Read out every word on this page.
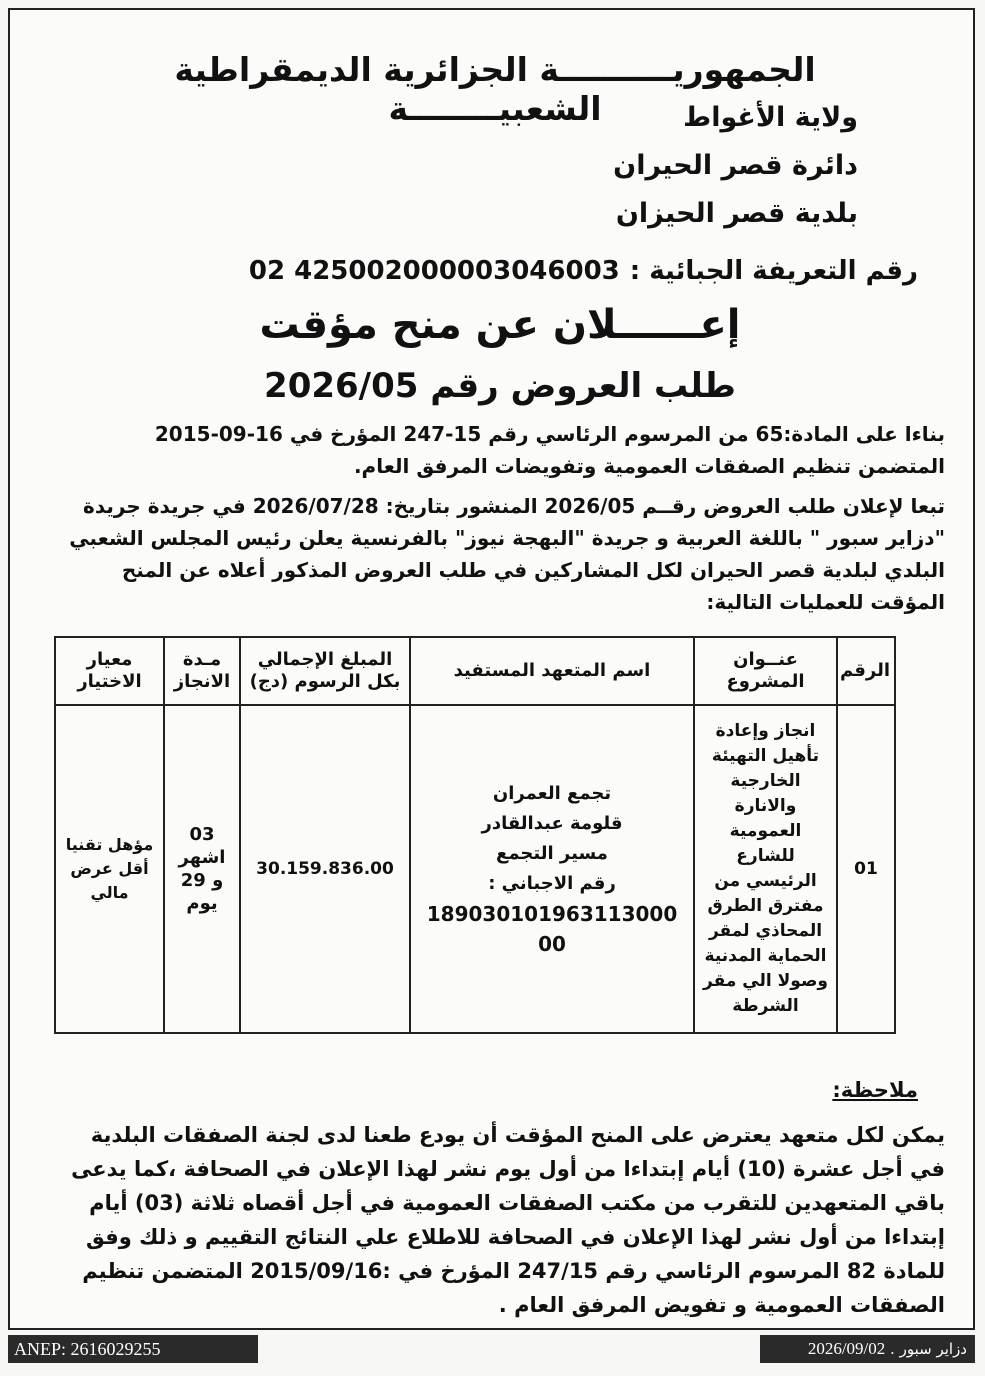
الجمهوريــــــــــة الجزائرية الديمقراطية الشعبيــــــــة	ولاية الأغواط
دائرة قصر الحيران
بلدية قصر الحيزان
رقم التعريفة الجبائية :425002000003046003 02
إعــــــلان عن منح مؤقت
طلب العروض رقم 2026/05
بناءا على المادة:65 من المرسوم الرئاسي رقم 15-247 المؤرخ في 16-09-2015 المتضمن تنظيم الصفقات العمومية وتفويضات المرفق العام.
تبعا لإعلان طلب العروض رقــم 2026/05 المنشور بتاريخ: 2026/07/28 في جريدة جريدة "دزاير سبور " باللغة العربية و جريدة "البهجة نيوز" بالفرنسية يعلن رئيس المجلس الشعبي البلدي لبلدية قصر الحيران لكل المشاركين في طلب العروض المذكور أعلاه عن المنح المؤقت للعمليات التالية:
الرقم	عنــوان المشروع	اسم المتعهد المستفيد	المبلغ الإجمالي بكل الرسوم (دج)	مـدة الانجاز	معيار الاختيار
01	انجاز وإعادة تأهيل التهيئة الخارجية والانارة العمومية للشارع الرئيسي من مفترق الطرق المحاذي لمقر الحماية المدنية وصولا الي مقر الشرطة	تجمع العمران
قلومة عبدالقادر
مسير التجمع
رقم الاجباني :
189030101963113000 00	30.159.836.00	03
اشهر
و 29
يوم	مؤهل تقنيا
أقل عرض
مالي
ملاحظة:
يمكن لكل متعهد يعترض على المنح المؤقت أن يودع طعنا لدى لجنة الصفقات البلدية في أجل عشرة (10) أيام إبتداءا من أول يوم نشر لهذا الإعلان في الصحافة ،كما يدعى باقي المتعهدين للتقرب من مكتب الصفقات العمومية في أجل أقصاه ثلاثة (03) أيام إبتداءا من أول نشر لهذا الإعلان في الصحافة للاطلاع علي النتائج التقييم و ذلك وفق للمادة 82 المرسوم الرئاسي رقم 247/15 المؤرخ في :2015/09/16 المتضمن تنظيم الصفقات العمومية و تفويض المرفق العام .
ANEP: 2616029255	دزاير سبور . 2026/09/02
